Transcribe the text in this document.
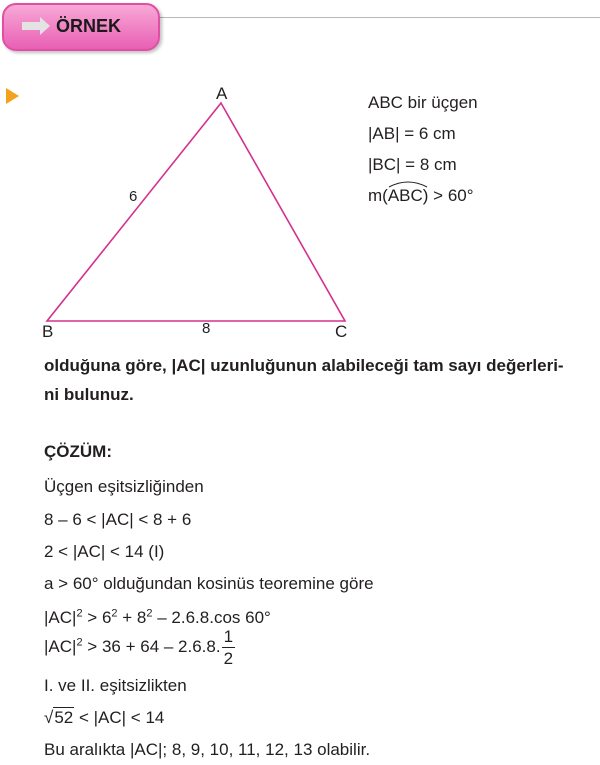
ÖRNEK
A
B	C
6
8
ABC bir üçgen
|AB| = 6 cm
|BC| = 8 cm
m(
ABC) > 60°
olduğuna göre, |AC| uzunluğunun alabileceği tam sayı değerleri-
ni bulunuz.
ÇÖZÜM:
Üçgen eşitsizliğinden
8 – 6 < |AC| < 8 + 6
2 < |AC| < 14 (I)
a > 60° olduğundan kosinüs teoremine göre
$|AC|^2 > 6^2 + 8^2 - 2.6.8.\cos$ 60°
$|AC|^2 > 36 + 64 - 2.6.8$. $\frac{1}{2}$
I. ve II. eşitsizlikten
√52 < |AC| < 14
Bu aralıkta |AC|; 8, 9, 10, 11, 12, 13 olabilir.
